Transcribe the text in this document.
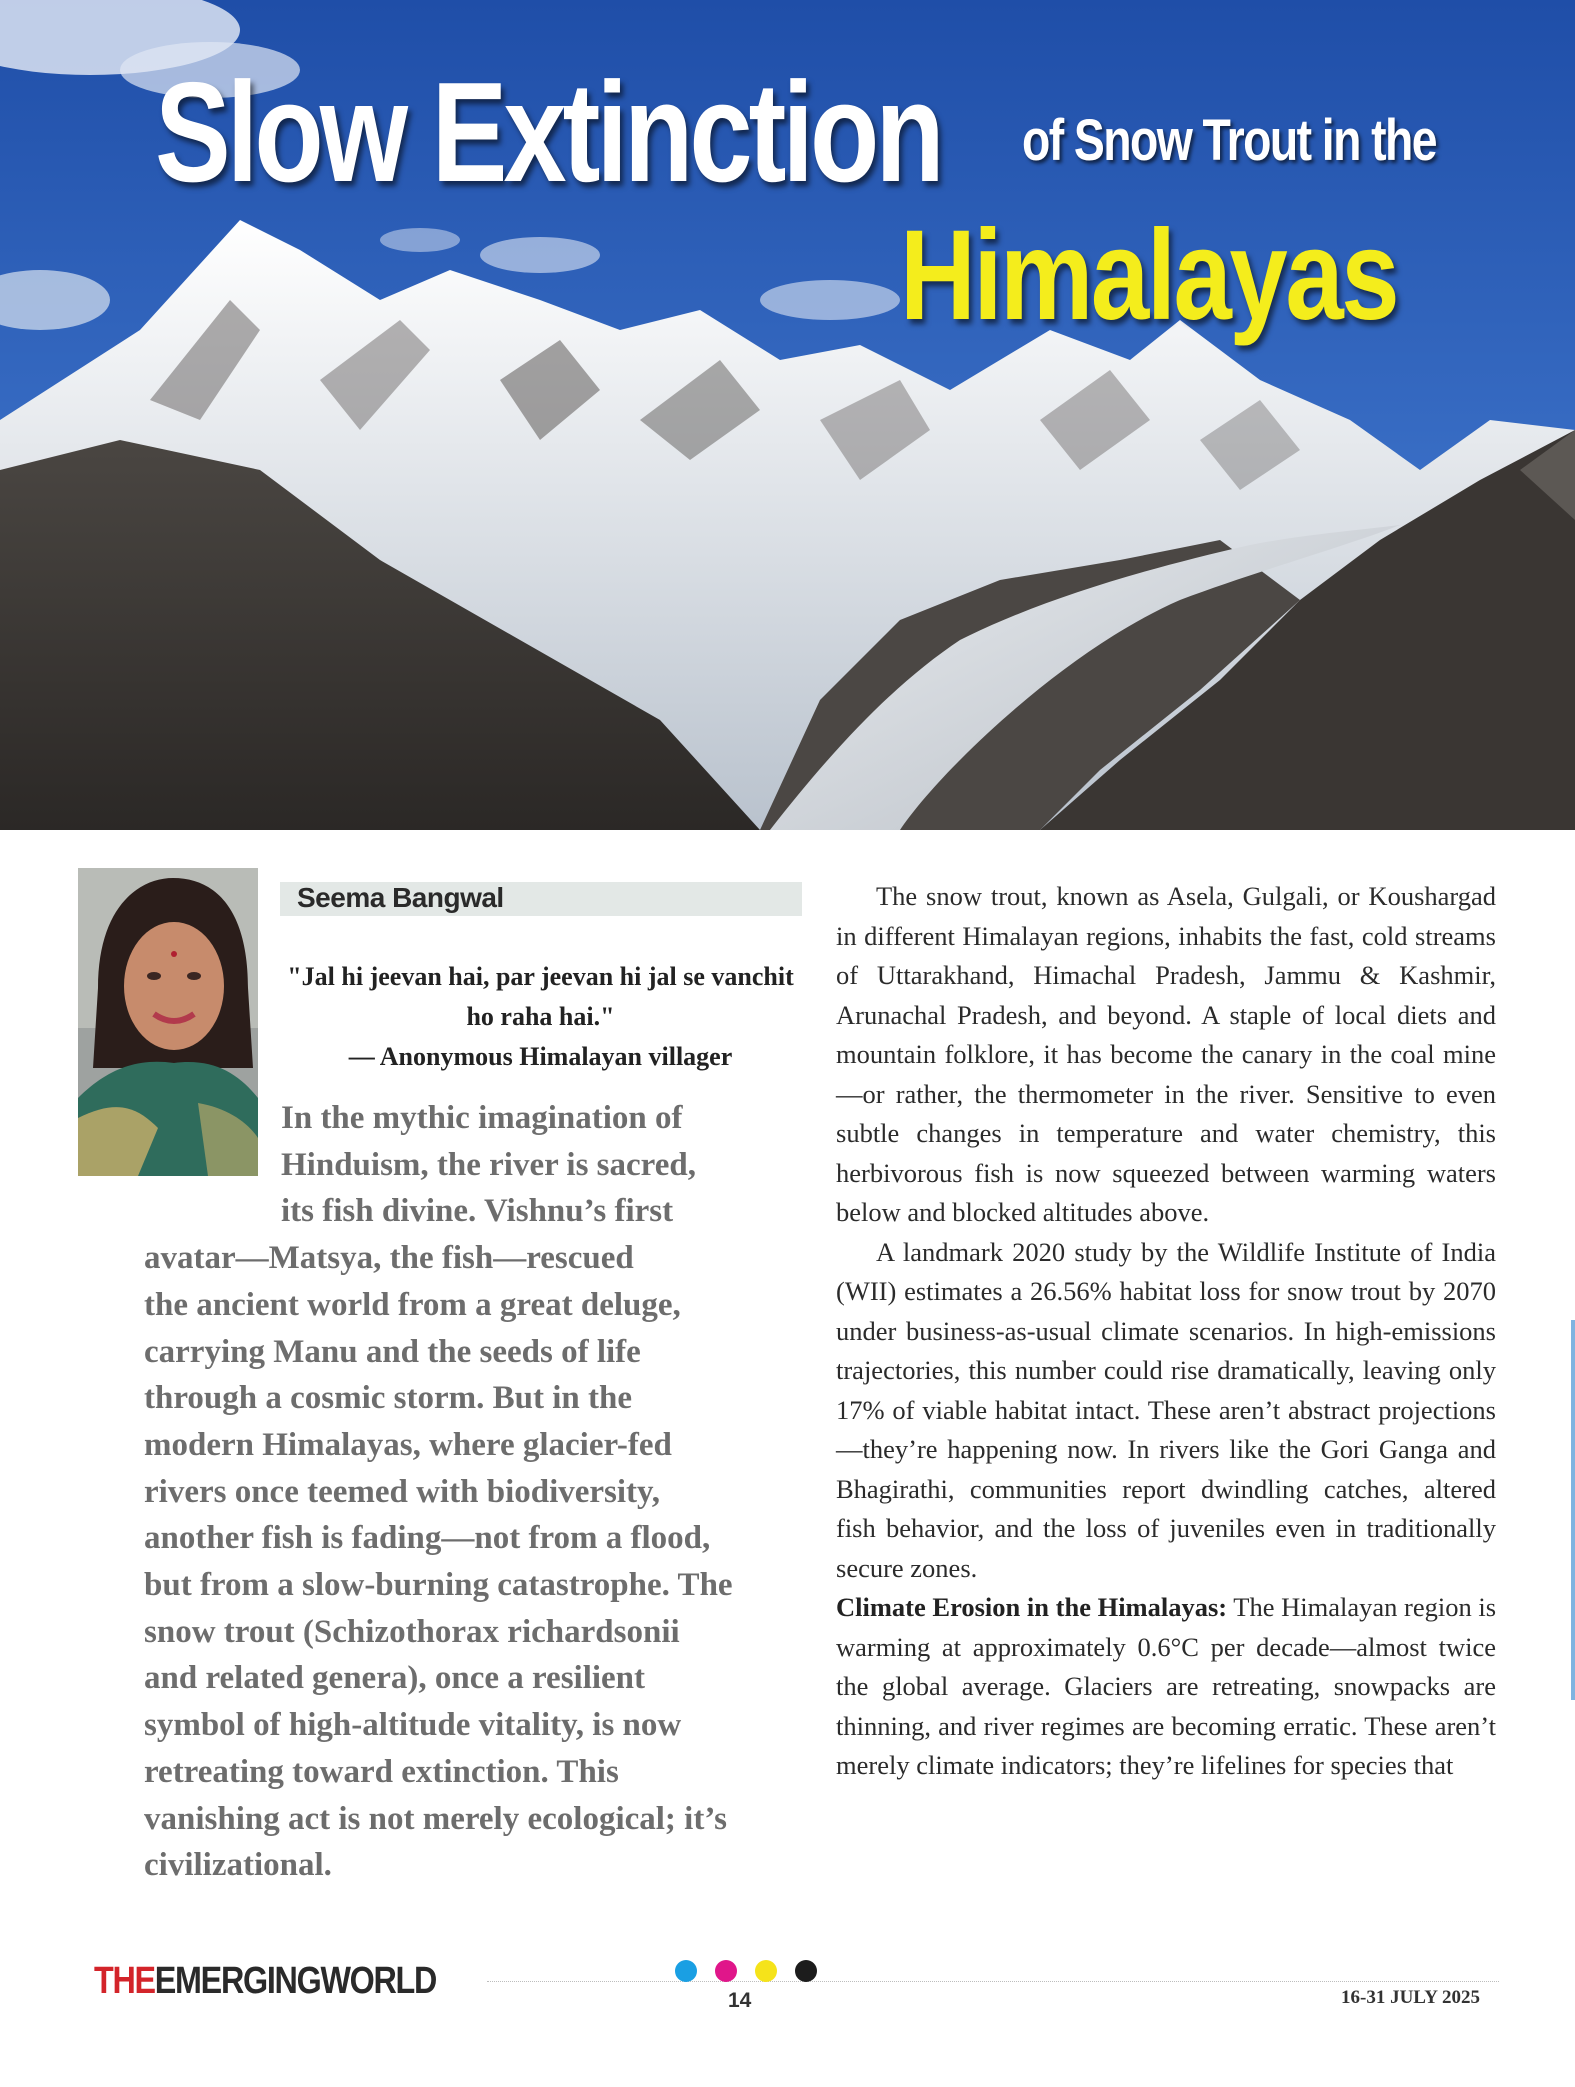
Slow Extinction of Snow Trout in the
Himalayas
Seema Bangwal

"Jal hi jeevan hai, par jeevan hi jal se vanchit ho raha hai."

— Anonymous Himalayan villager

In the mythic imagination of
Hinduism, the river is sacred,
its fish divine. Vishnu’s first
avatar—Matsya, the fish—rescued
the ancient world from a great deluge,
carrying Manu and the seeds of life
through a cosmic storm. But in the
modern Himalayas, where glacier-fed
rivers once teemed with biodiversity,
another fish is fading—not from a flood,
but from a slow-burning catastrophe. The
snow trout (Schizothorax richardsonii
and related genera), once a resilient
symbol of high-altitude vitality, is now
retreating toward extinction. This
vanishing act is not merely ecological; it’s
civilizational.

The snow trout, known as Asela, Gulgali, or Koushargad in different Himalayan regions, inhabits the fast, cold streams of Uttarakhand, Himachal Pradesh, Jammu & Kashmir, Arunachal Pradesh, and beyond. A staple of local diets and mountain folklore, it has become the canary in the coal mine—or rather, the thermometer in the river. Sensitive to even subtle changes in temperature and water chemistry, this herbivorous fish is now squeezed between warming waters below and blocked altitudes above.

A landmark 2020 study by the Wildlife Institute of India (WII) estimates a 26.56% habitat loss for snow trout by 2070 under business-as-usual climate scenarios. In high-emissions trajectories, this number could rise dramatically, leaving only 17% of viable habitat intact. These aren’t abstract projections—they’re happening now. In rivers like the Gori Ganga and Bhagirathi, communities report dwindling catches, altered fish behavior, and the loss of juveniles even in traditionally secure zones.

Climate Erosion in the Himalayas: The Himalayan region is warming at approximately 0.6°C per decade—almost twice the global average. Glaciers are retreating, snowpacks are thinning, and river regimes are becoming erratic. These aren’t merely climate indicators; they’re lifelines for species that

THEEMERGINGWORLD	14	16-31 JULY 2025
